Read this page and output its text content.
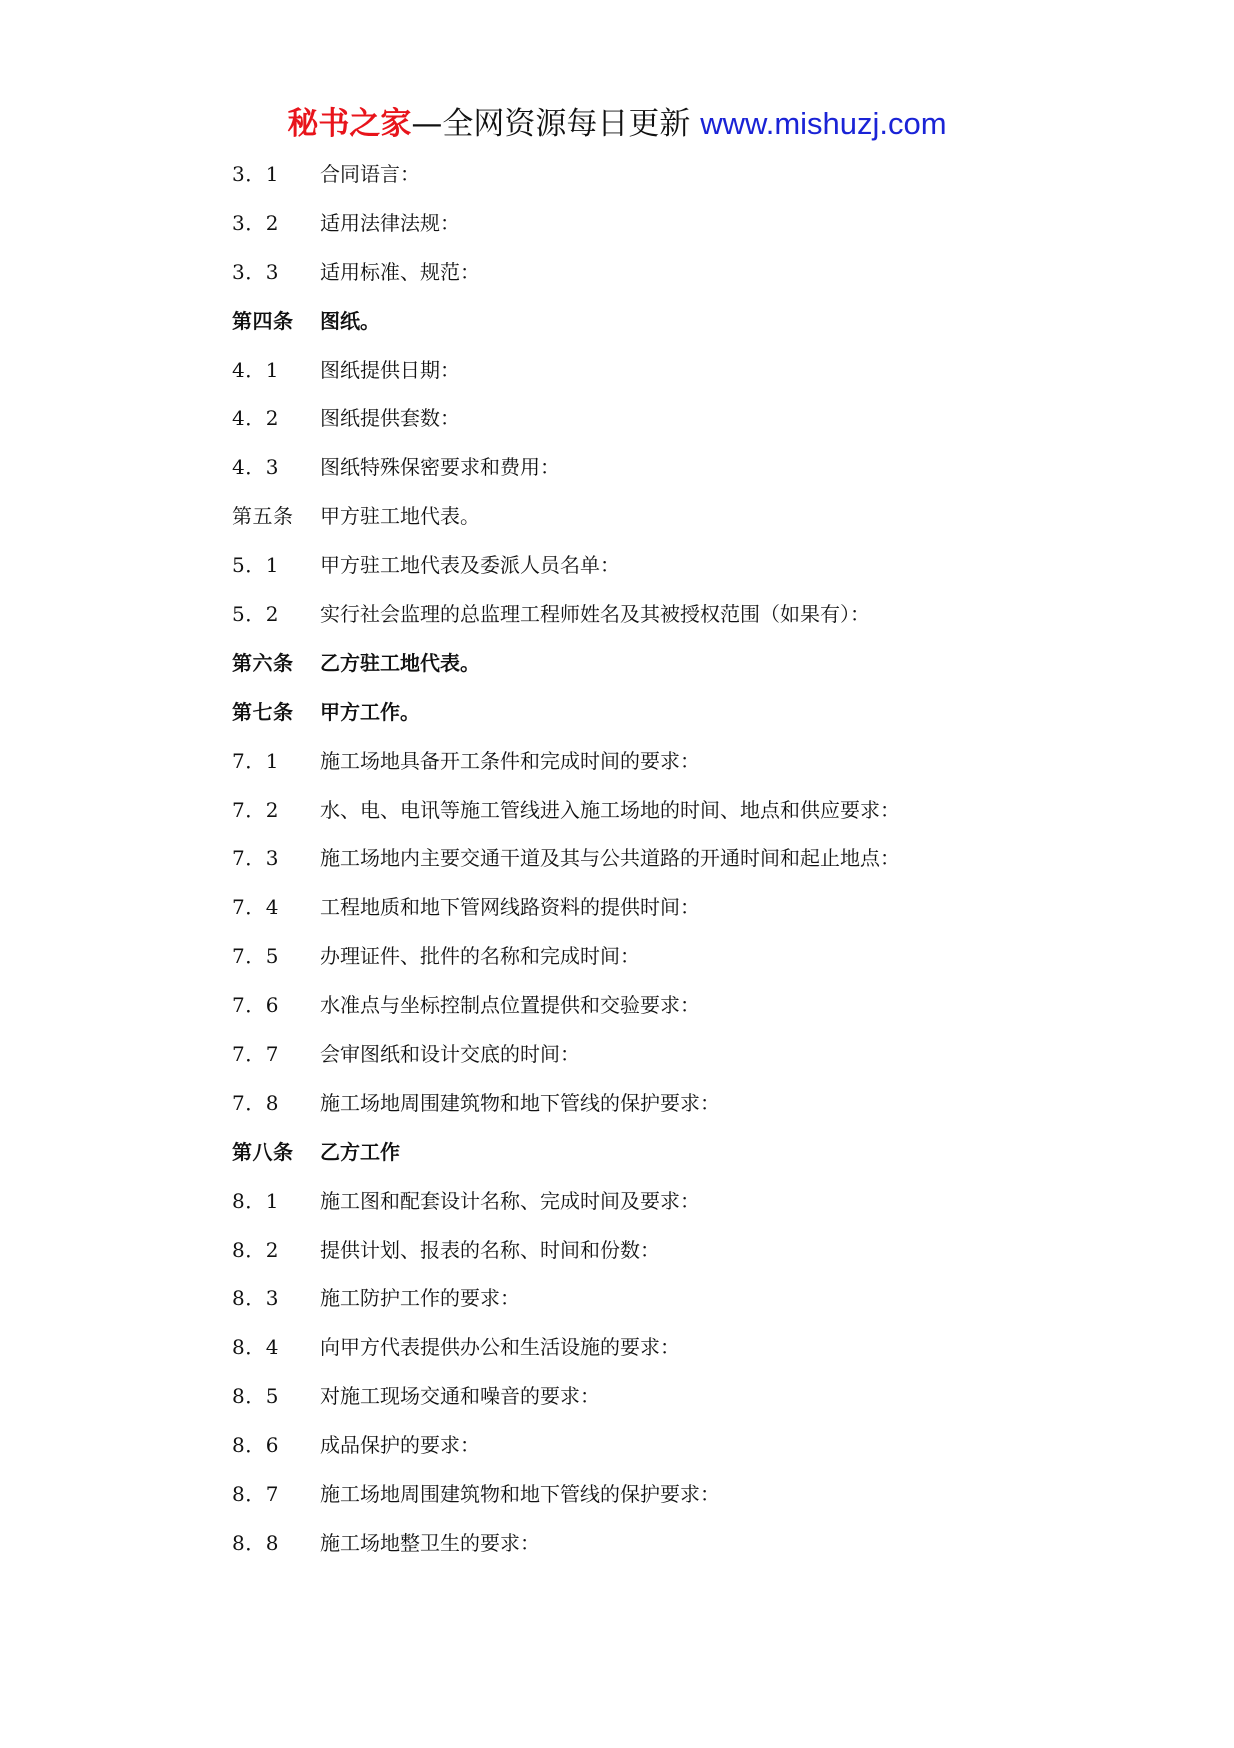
秘书之家—全网资源每日更新 www.mishuzj.com
3．1	合同语言：
3．2	适用法律法规：
3．3	适用标准、规范：
第四条	图纸。
4．1	图纸提供日期：
4．2	图纸提供套数：
4．3	图纸特殊保密要求和费用：
第五条	甲方驻工地代表。
5．1	甲方驻工地代表及委派人员名单：
5．2	实行社会监理的总监理工程师姓名及其被授权范围（如果有）：
第六条	乙方驻工地代表。
第七条	甲方工作。
7．1	施工场地具备开工条件和完成时间的要求：
7．2	水、电、电讯等施工管线进入施工场地的时间、地点和供应要求：
7．3	施工场地内主要交通干道及其与公共道路的开通时间和起止地点：
7．4	工程地质和地下管网线路资料的提供时间：
7．5	办理证件、批件的名称和完成时间：
7．6	水准点与坐标控制点位置提供和交验要求：
7．7	会审图纸和设计交底的时间：
7．8	施工场地周围建筑物和地下管线的保护要求：
第八条	乙方工作
8．1	施工图和配套设计名称、完成时间及要求：
8．2	提供计划、报表的名称、时间和份数：
8．3	施工防护工作的要求：
8．4	向甲方代表提供办公和生活设施的要求：
8．5	对施工现场交通和噪音的要求：
8．6	成品保护的要求：
8．7	施工场地周围建筑物和地下管线的保护要求：
8．8	施工场地整卫生的要求：
